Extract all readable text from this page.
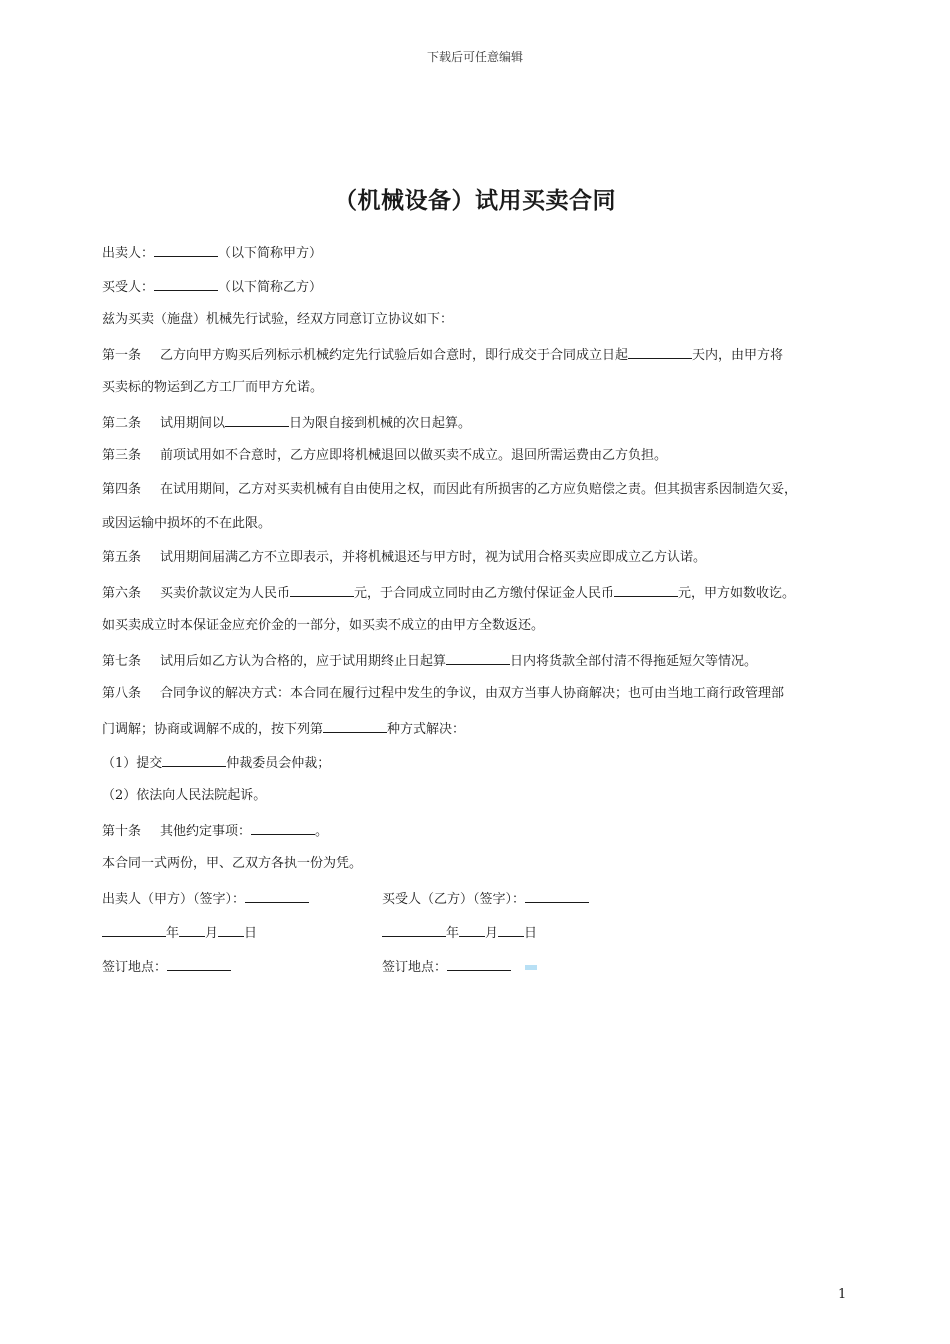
下载后可任意编辑
（机械设备）试用买卖合同
出卖人：	（以下简称甲方）
买受人：	（以下简称乙方）
兹为买卖（施盘）机械先行试验，经双方同意订立协议如下：
第一条 乙方向甲方购买后列标示机械约定先行试验后如合意时，即行成交于合同成立日起	天内，由甲方将
买卖标的物运到乙方工厂而甲方允诺。
第二条 试用期间以	日为限自接到机械的次日起算。
第三条 前项试用如不合意时，乙方应即将机械退回以做买卖不成立。退回所需运费由乙方负担。
第四条 在试用期间，乙方对买卖机械有自由使用之权，而因此有所损害的乙方应负赔偿之责。但其损害系因制造欠妥，
或因运输中损坏的不在此限。
第五条 试用期间届满乙方不立即表示，并将机械退还与甲方时，视为试用合格买卖应即成立乙方认诺。
第六条 买卖价款议定为人民币	元，于合同成立同时由乙方缴付保证金人民币	元，甲方如数收讫。
如买卖成立时本保证金应充价金的一部分，如买卖不成立的由甲方全数返还。
第七条 试用后如乙方认为合格的，应于试用期终止日起算	日内将货款全部付清不得拖延短欠等情况。
第八条 合同争议的解决方式：本合同在履行过程中发生的争议，由双方当事人协商解决；也可由当地工商行政管理部
门调解；协商或调解不成的，按下列第	种方式解决：
（1）提交	仲裁委员会仲裁；
（2）依法向人民法院起诉。
第十条 其他约定事项：	。
本合同一式两份，甲、乙双方各执一份为凭。
出卖人（甲方）（签字）：	买受人（乙方）（签字）：
年 月 日	年 月 日
签订地点：	签订地点：
1
